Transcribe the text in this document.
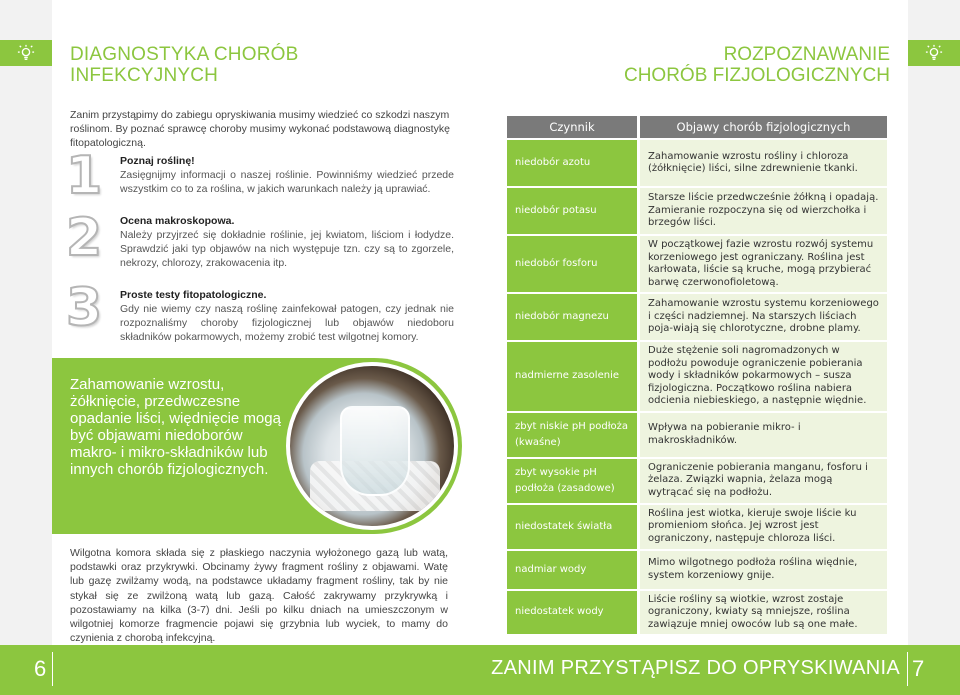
DIAGNOSTYKA CHORÓB
INFEKCYJNYCH
ROZPOZNAWANIE
CHORÓB FIZJOLOGICZNYCH

Zanim przystąpimy do zabiegu opryskiwania musimy wiedzieć co szkodzi naszym roślinom. By poznać sprawcę choroby musimy wykonać podstawową diagnostykę fitopatologiczną.

1 Poznaj roślinę!
Zasięgnijmy informacji o naszej roślinie. Powinniśmy wiedzieć przede wszystkim co to za roślina, w jakich warunkach należy ją uprawiać.
2 Ocena makroskopowa.
Należy przyjrzeć się dokładnie roślinie, jej kwiatom, liściom i łodydze. Sprawdzić jaki typ objawów na nich występuje tzn. czy są to zgorzele, nekrozy, chlorozy, zrakowacenia itp.
3 Proste testy fitopatologiczne.
Gdy nie wiemy czy naszą roślinę zainfekował patogen, czy jednak nie rozpoznaliśmy choroby fizjologicznej lub objawów niedoboru składników pokarmowych, możemy zrobić test wilgotnej komory.

Zahamowanie wzrostu, żółknięcie, przedwczesne opadanie liści, więdnięcie mogą być objawami niedoborów makro- i mikro-składników lub innych chorób fizjologicznych.

Wilgotna komora składa się z płaskiego naczynia wyłożonego gazą lub watą, podstawki oraz przykrywki. Obcinamy żywy fragment rośliny z objawami. Watę lub gazę zwilżamy wodą, na podstawce układamy fragment rośliny, tak by nie stykał się ze zwilżoną watą lub gazą. Całość zakrywamy przykrywką i pozostawiamy na kilka (3-7) dni. Jeśli po kilku dniach na umieszczonym w wilgotniej komorze fragmencie pojawi się grzybnia lub wyciek, to mamy do czynienia z chorobą infekcyjną.

Czynnik	Objawy chorób fizjologicznych
niedobór azotu	Zahamowanie wzrostu rośliny i chloroza (żółknięcie) liści, silne zdrewnienie tkanki.
niedobór potasu	Starsze liście przedwcześnie żółkną i opadają. Zamieranie rozpoczyna się od wierzchołka i brzegów liści.
niedobór fosforu	W początkowej fazie wzrostu rozwój systemu korzeniowego jest ograniczany. Roślina jest karłowata, liście są kruche, mogą przybierać barwę czerwonofioletową.
niedobór magnezu	Zahamowanie wzrostu systemu korzeniowego i części nadziemnej. Na starszych liściach poja-wiają się chlorotyczne, drobne plamy.
nadmierne zasolenie	Duże stężenie soli nagromadzonych w podłożu powoduje ograniczenie pobierania wody i składników pokarmowych – susza fizjologiczna. Początkowo roślina nabiera odcienia niebieskiego, a następnie więdnie.
zbyt niskie pH podłoża (kwaśne)	Wpływa na pobieranie mikro- i makroskładników.
zbyt wysokie pH podłoża (zasadowe)	Ograniczenie pobierania manganu, fosforu i żelaza. Związki wapnia, żelaza mogą wytrącać się na podłożu.
niedostatek światła	Roślina jest wiotka, kieruje swoje liście ku promieniom słońca. Jej wzrost jest ograniczony, następuje chloroza liści.
nadmiar wody	Mimo wilgotnego podłoża roślina więdnie, system korzeniowy gnije.
niedostatek wody	Liście rośliny są wiotkie, wzrost zostaje ograniczony, kwiaty są mniejsze, roślina zawiązuje mniej owoców lub są one małe.
6	ZANIM PRZYSTĄPISZ DO OPRYSKIWANIA 7
